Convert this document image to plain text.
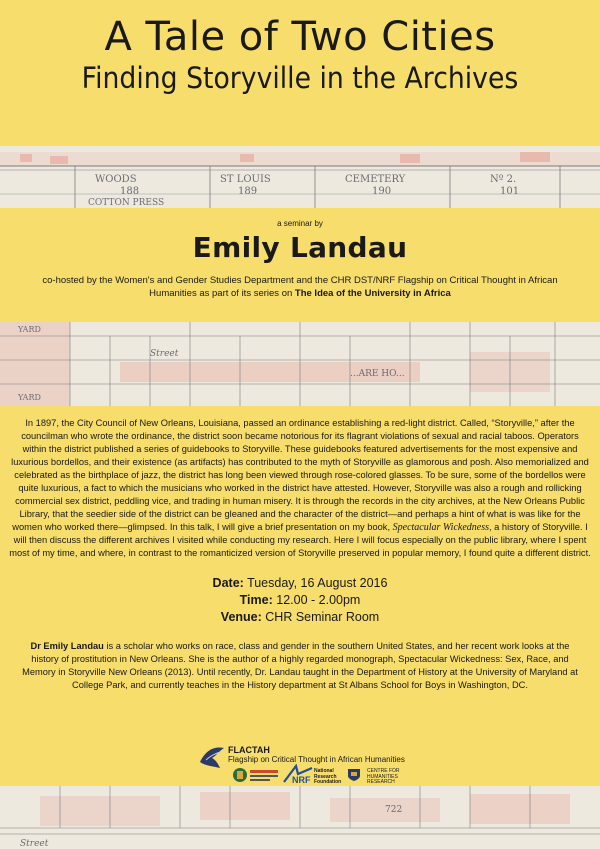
A Tale of Two Cities
Finding Storyville in the Archives
WOODS
188
COTTON PRESS
ST LOUIS
189
CEMETERY
190
Nº 2.
101
a seminar by
Emily Landau
co-hosted by the Women's and Gender Studies Department and the CHR DST/NRF Flagship on Critical Thought in African Humanities as part of its series on The Idea of the University in Africa
YARD
Street
...ARE HO...
YARD

In 1897, the City Council of New Orleans, Louisiana, passed an ordinance establishing a red-light district. Called, “Storyville,” after the councilman who wrote the ordinance, the district soon became notorious for its flagrant violations of sexual and racial taboos. Operators within the district published a series of guidebooks to Storyville. These guidebooks featured advertisements for the most expensive and luxurious bordellos, and their existence (as artifacts) has contributed to the myth of Storyville as glamorous and posh. Also memorialized and celebrated as the birthplace of jazz, the district has long been viewed through rose-colored glasses. To be sure, some of the bordellos were quite luxurious, a fact to which the musicians who worked in the district have attested. However, Storyville was also a rough and rollicking commercial sex district, peddling vice, and trading in human misery. It is through the records in the city archives, at the New Orleans Public Library, that the seedier side of the district can be gleaned and the character of the district—and perhaps a hint of what is was like for the women who worked there—glimpsed. In this talk, I will give a brief presentation on my book, Spectacular Wickedness, a history of Storyville. I will then discuss the different archives I visited while conducting my research. Here I will focus especially on the public library, where I spent most of my time, and where, in contrast to the romanticized version of Storyville preserved in popular memory, I found quite a different district.

Date: Tuesday, 16 August 2016
Time: 12.00 - 2.00pm
Venue: CHR Seminar Room
Dr Emily Landau is a scholar who works on race, class and gender in the southern United States, and her recent work looks at the history of prostitution in New Orleans. She is the author of a highly regarded monograph, Spectacular Wickedness: Sex, Race, and Memory in Storyville New Orleans (2013). Until recently, Dr. Landau taught in the Department of History at the University of Maryland at College Park, and currently teaches in the History department at St Albans School for Boys in Washington, DC.
FLACTAH
Flagship on Critical Thought in African Humanities
NRF
National
Research
Foundation
CENTRE FOR
HUMANITIES
RESEARCH
722
Street
